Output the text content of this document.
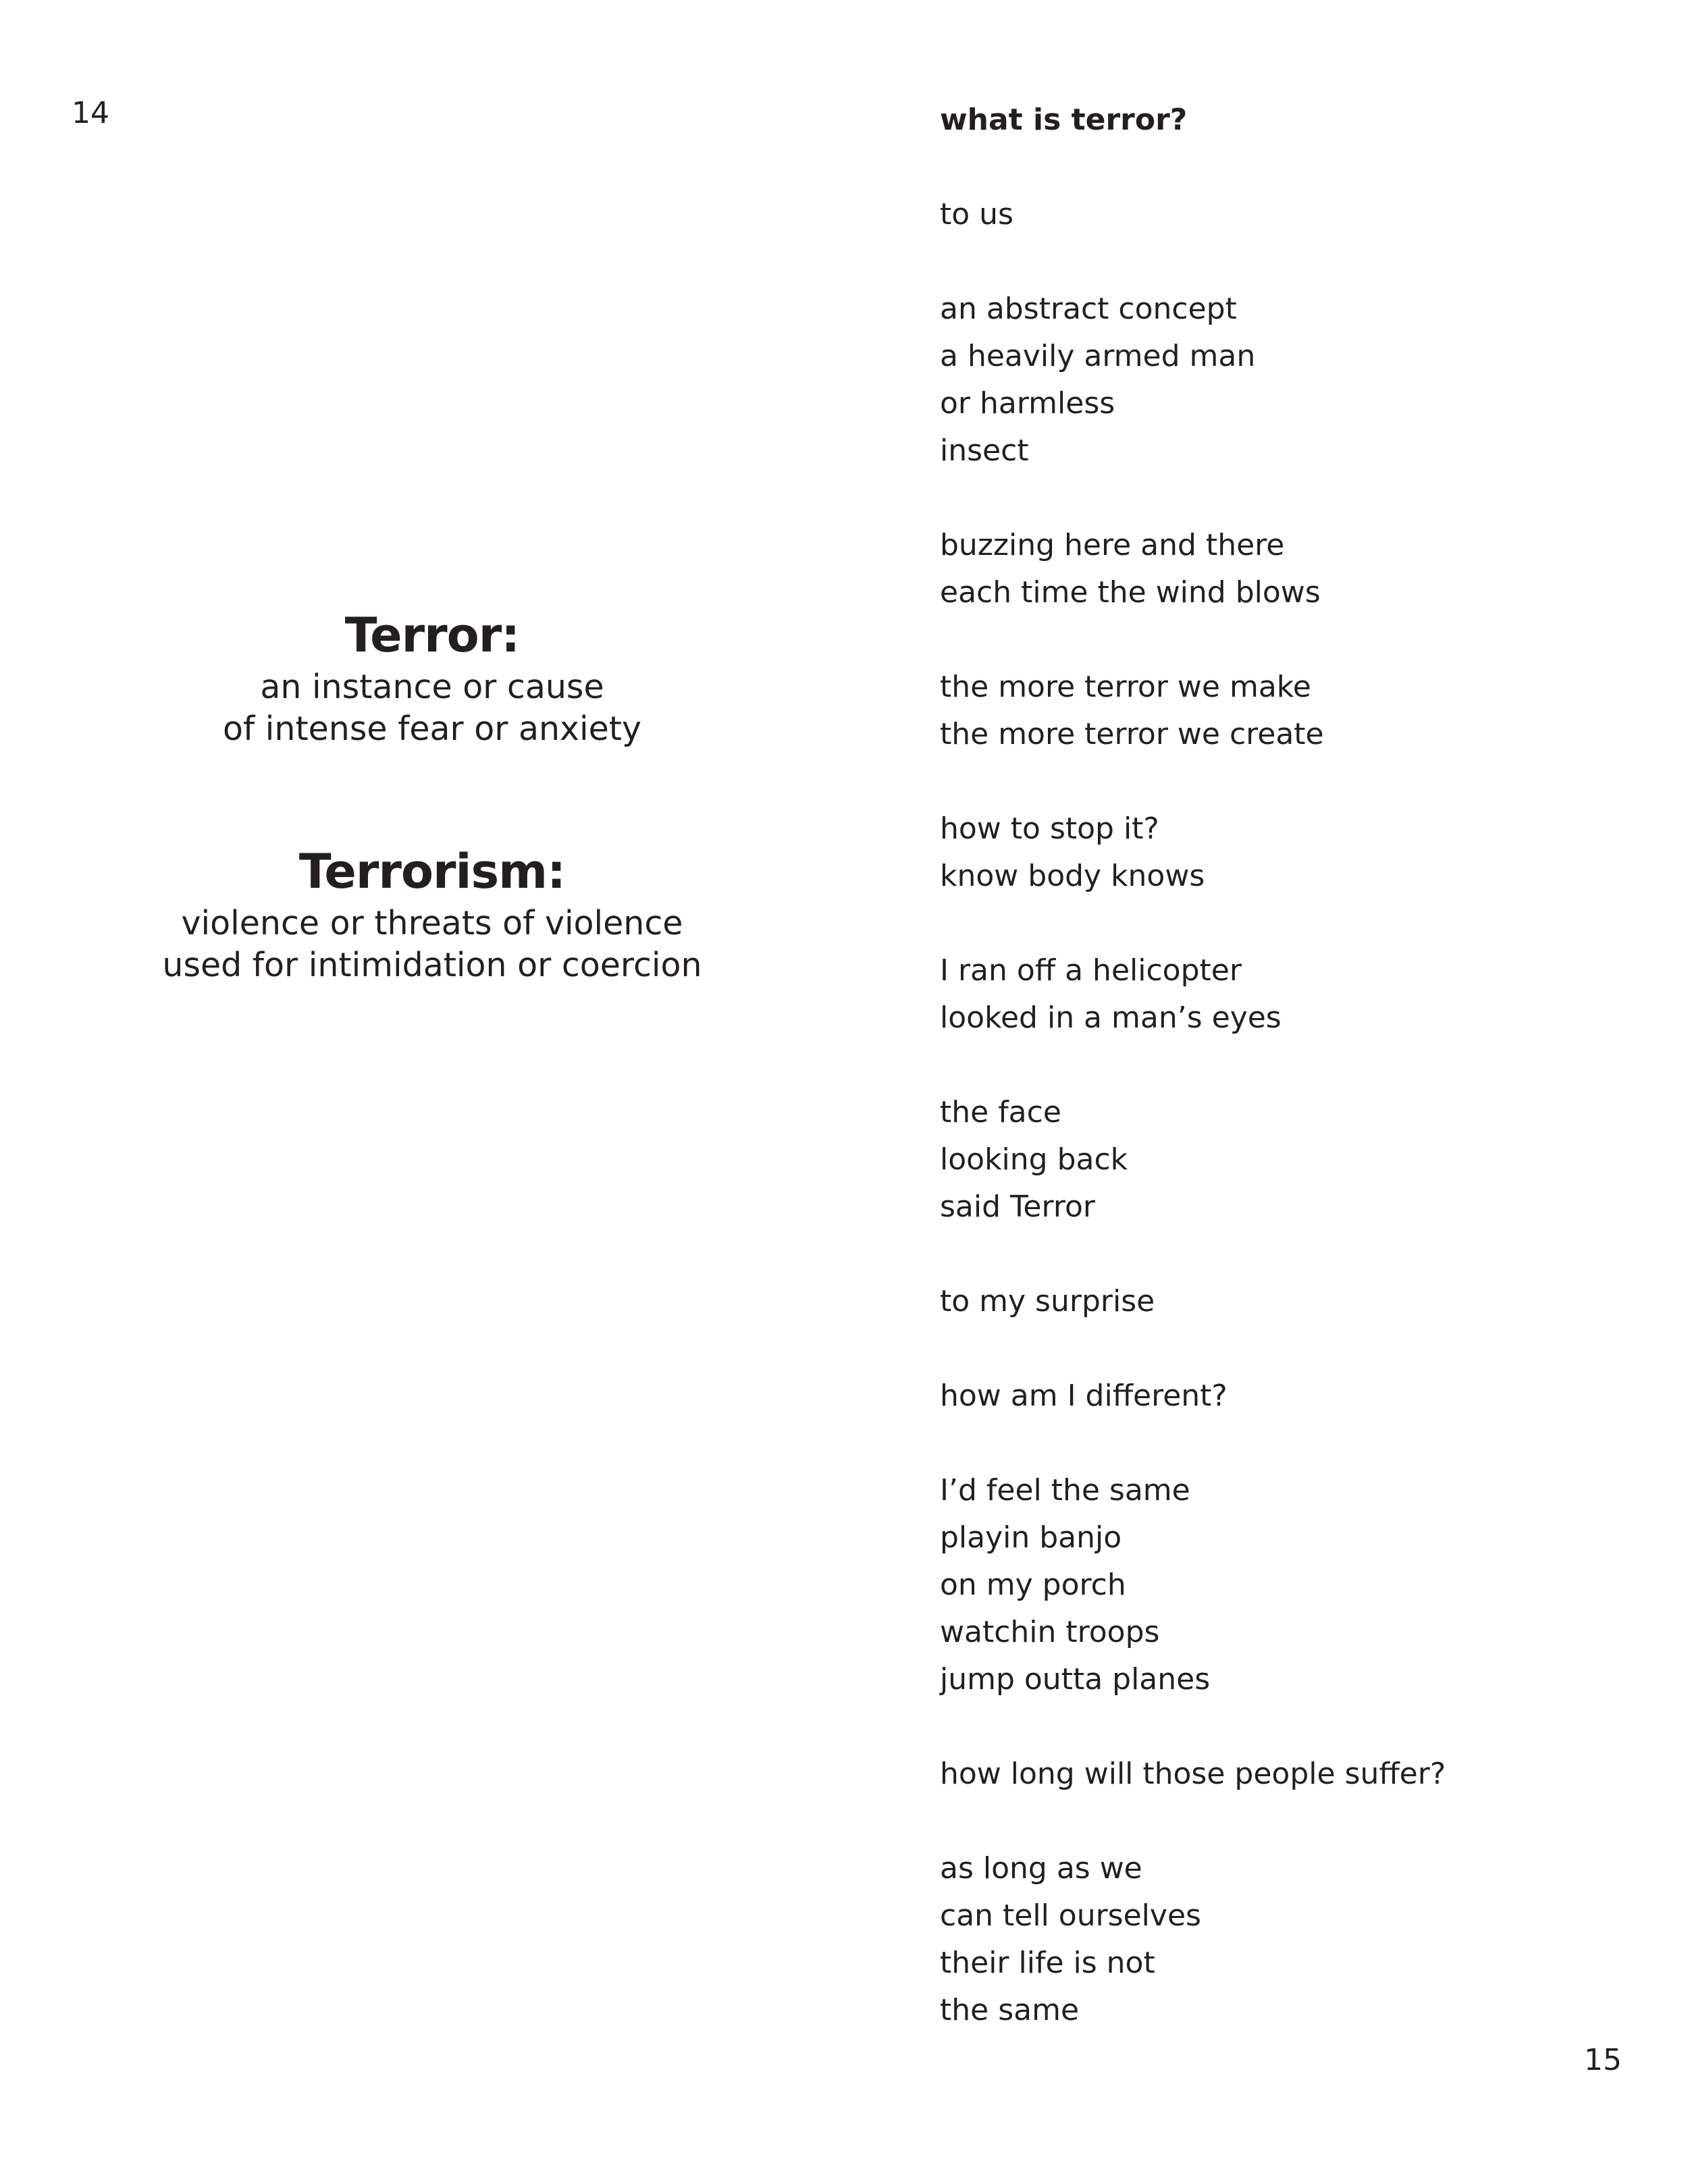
14
Terror:
an instance or cause
of intense fear or anxiety
Terrorism:
violence or threats of violence
used for intimidation or coercion
what is terror?
to us
an abstract concept
a heavily armed man
or harmless
insect
buzzing here and there
each time the wind blows
the more terror we make
the more terror we create
how to stop it?
know body knows
I ran off a helicopter
looked in a man’s eyes
the face
looking back
said Terror
to my surprise
how am I different?
I’d feel the same
playin banjo
on my porch
watchin troops
jump outta planes
how long will those people suffer?
as long as we
can tell ourselves
their life is not
the same
15
